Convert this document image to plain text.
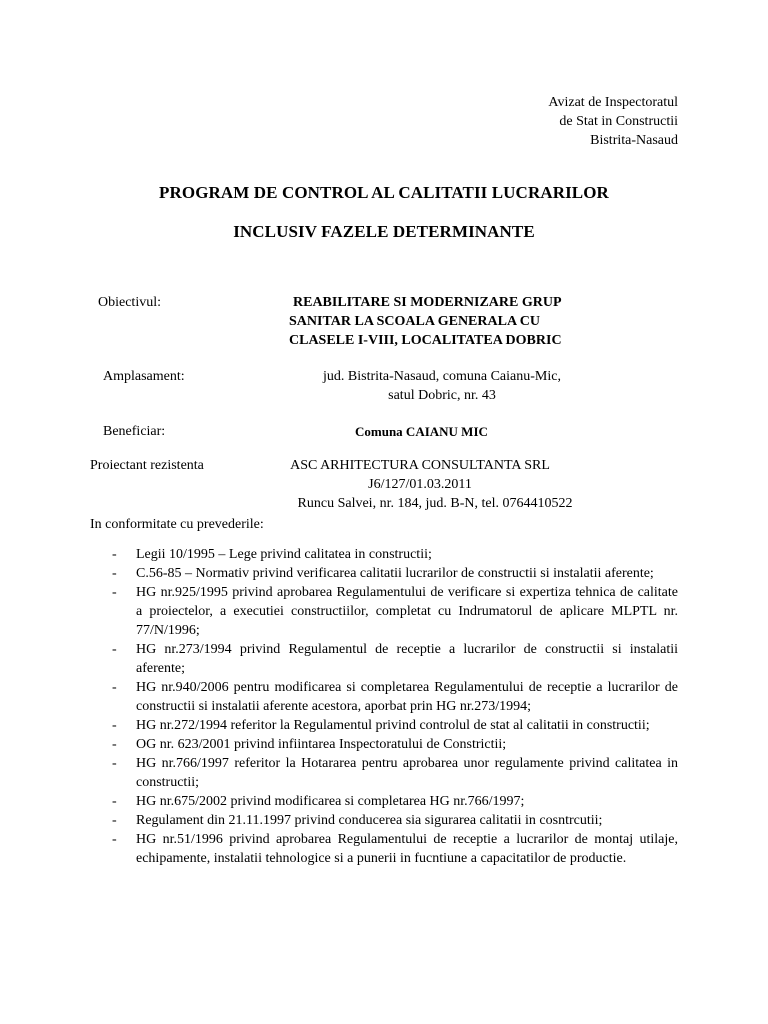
Avizat de Inspectoratul
de Stat in Constructii
Bistrita-Nasaud
PROGRAM DE CONTROL AL CALITATII LUCRARILOR
INCLUSIV FAZELE DETERMINANTE
Obiectivul:	REABILITARE SI MODERNIZARE GRUP
SANITAR LA SCOALA GENERALA CU
CLASELE I-VIII, LOCALITATEA DOBRIC
Amplasament:	jud. Bistrita-Nasaud, comuna Caianu-Mic,
satul Dobric, nr. 43
Beneficiar:	Comuna CAIANU MIC
Proiectant rezistenta	ASC ARHITECTURA CONSULTANTA SRL
J6/127/01.03.2011
Runcu Salvei, nr. 184, jud. B-N, tel. 0764410522
In conformitate cu prevederile:
- Legii 10/1995 – Lege privind calitatea in constructii;
- C.56-85 – Normativ privind verificarea calitatii lucrarilor de constructii si instalatii aferente;
- HG nr.925/1995 privind aprobarea Regulamentului de verificare si expertiza tehnica de calitate a proiectelor, a executiei constructiilor, completat cu Indrumatorul de aplicare MLPTL nr. 77/N/1996;
- HG nr.273/1994 privind Regulamentul de receptie a lucrarilor de constructii si instalatii aferente;
- HG nr.940/2006 pentru modificarea si completarea Regulamentului de receptie a lucrarilor de constructii si instalatii aferente acestora, aporbat prin HG nr.273/1994;
- HG nr.272/1994 referitor la Regulamentul privind controlul de stat al calitatii in constructii;
- OG nr. 623/2001 privind infiintarea Inspectoratului de Constrictii;
- HG nr.766/1997 referitor la Hotararea pentru aprobarea unor regulamente privind calitatea in constructii;
- HG nr.675/2002 privind modificarea si completarea HG nr.766/1997;
- Regulament din 21.11.1997 privind conducerea sia sigurarea calitatii in cosntrcutii;
- HG nr.51/1996 privind aprobarea Regulamentului de receptie a lucrarilor de montaj utilaje, echipamente, instalatii tehnologice si a punerii in fucntiune a capacitatilor de productie.
